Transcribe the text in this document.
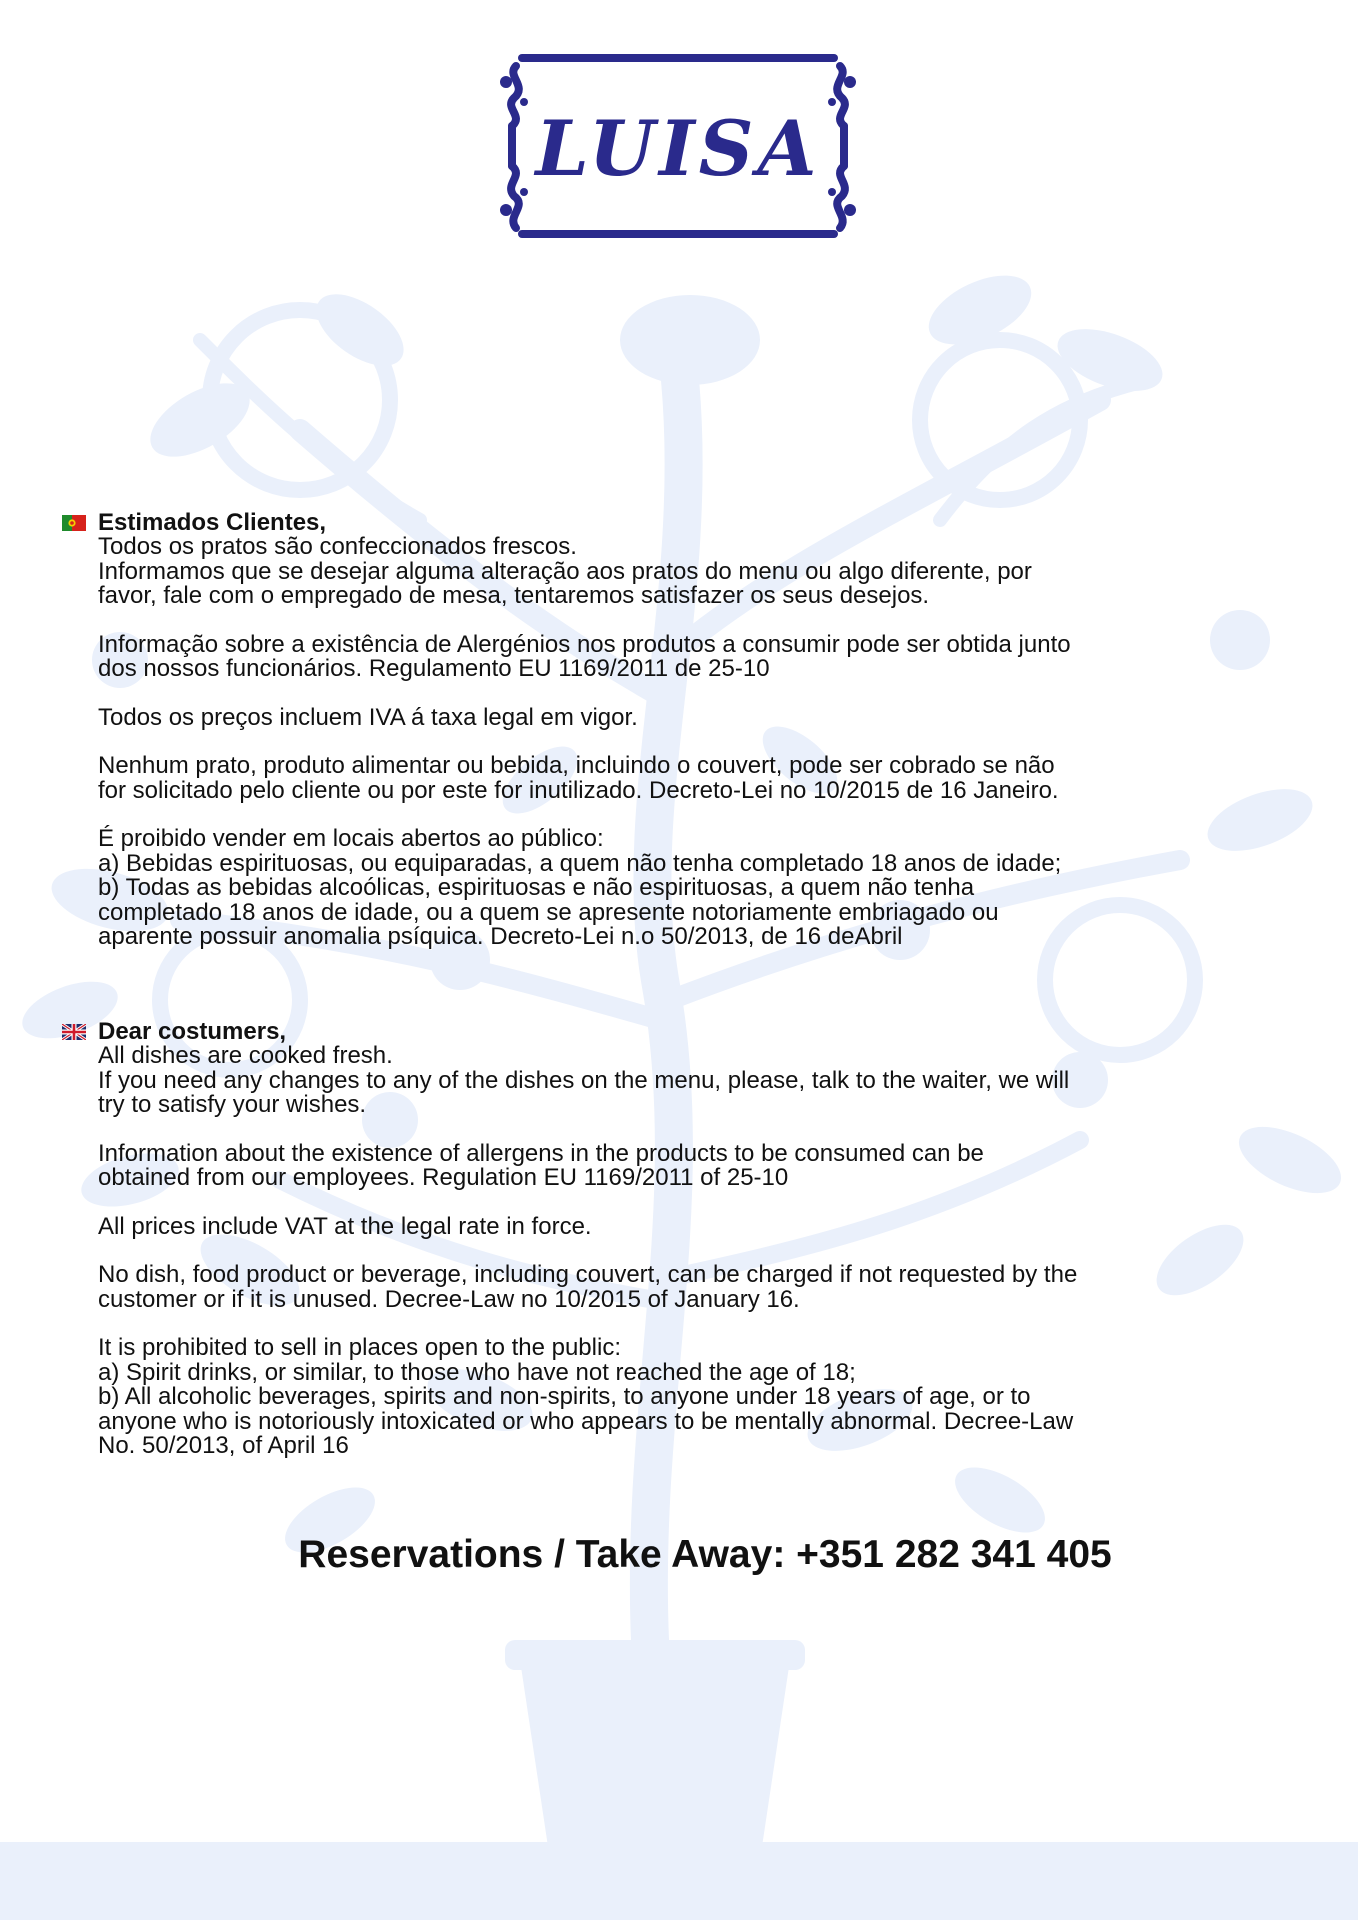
LUISA
Estimados Clientes,
Todos os pratos são confeccionados frescos.
Informamos que se desejar alguma alteração aos pratos do menu ou algo diferente, por
favor, fale com o empregado de mesa, tentaremos satisfazer os seus desejos.
Informação sobre a existência de Alergénios nos produtos a consumir pode ser obtida junto
dos nossos funcionários. Regulamento EU 1169/2011 de 25-10
Todos os preços incluem IVA á taxa legal em vigor.
Nenhum prato, produto alimentar ou bebida, incluindo o couvert, pode ser cobrado se não
for solicitado pelo cliente ou por este for inutilizado. Decreto-Lei no 10/2015 de 16 Janeiro.
É proibido vender em locais abertos ao público:
a) Bebidas espirituosas, ou equiparadas, a quem não tenha completado 18 anos de idade;
b) Todas as bebidas alcoólicas, espirituosas e não espirituosas, a quem não tenha
completado 18 anos de idade, ou a quem se apresente notoriamente embriagado ou
aparente possuir anomalia psíquica. Decreto-Lei n.o 50/2013, de 16 deAbril
Dear costumers,
All dishes are cooked fresh.
If you need any changes to any of the dishes on the menu, please, talk to the waiter, we will
try to satisfy your wishes.
Information about the existence of allergens in the products to be consumed can be
obtained from our employees. Regulation EU 1169/2011 of 25-10
All prices include VAT at the legal rate in force.
No dish, food product or beverage, including couvert, can be charged if not requested by the
customer or if it is unused. Decree-Law no 10/2015 of January 16.
It is prohibited to sell in places open to the public:
a) Spirit drinks, or similar, to those who have not reached the age of 18;
b) All alcoholic beverages, spirits and non-spirits, to anyone under 18 years of age, or to
anyone who is notoriously intoxicated or who appears to be mentally abnormal. Decree-Law
No. 50/2013, of April 16
Reservations / Take Away: +351 282 341 405
